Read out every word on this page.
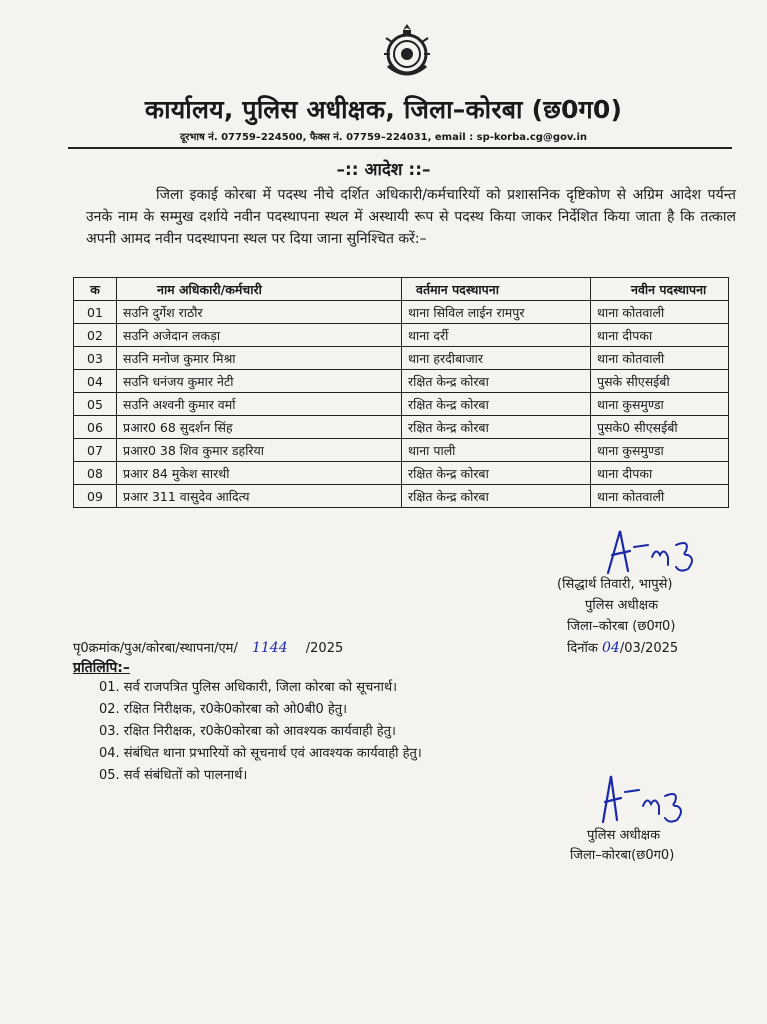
कार्यालय, पुलिस अधीक्षक, जिला–कोरबा (छ0ग0)
दूरभाष नं. 07759–224500, फैक्स नं. 07759–224031, email : sp-korba.cg@gov.in
–:: आदेश ::–
जिला इकाई कोरबा में पदस्थ नीचे दर्शित अधिकारी/कर्मचारियों को प्रशासनिक दृष्टिकोण से अग्रिम आदेश पर्यन्त उनके नाम के सम्मुख दर्शाये नवीन पदस्थापना स्थल में अस्थायी रूप से पदस्थ किया जाकर निर्देशित किया जाता है कि तत्काल अपनी आमद नवीन पदस्थापना स्थल पर दिया जाना सुनिश्चित करें:–
क	नाम अधिकारी/कर्मचारी	वर्तमान पदस्थापना	नवीन पदस्थापना
01	सउनि दुर्गेश राठौर	थाना सिविल लाईन रामपुर	थाना कोतवाली
02	सउनि अजेदान लकड़ा	थाना दर्री	थाना दीपका
03	सउनि मनोज कुमार मिश्रा	थाना हरदीबाजार	थाना कोतवाली
04	सउनि धनंजय कुमार नेटी	रक्षित केन्द्र कोरबा	पुसके सीएसईबी
05	सउनि अश्वनी कुमार वर्मा	रक्षित केन्द्र कोरबा	थाना कुसमुण्डा
06	प्रआर0 68 सुदर्शन सिंह	रक्षित केन्द्र कोरबा	पुसके0 सीएसईबी
07	प्रआर0 38 शिव कुमार डहरिया	थाना पाली	थाना कुसमुण्डा
08	प्रआर 84 मुकेश सारथी	रक्षित केन्द्र कोरबा	थाना दीपका
09	प्रआर 311 वासुदेव आदित्य	रक्षित केन्द्र कोरबा	थाना कोतवाली
(सिद्धार्थ तिवारी, भापुसे)
पुलिस अधीक्षक
जिला–कोरबा (छ0ग0)
पृ0क्रमांक/पुअ/कोरबा/स्थापना/एम/ 1144 /2025	दिनॉक 04/03/2025
प्रतिलिपि:–
01. सर्व राजपत्रित पुलिस अधिकारी, जिला कोरबा को सूचनार्थ।
02. रक्षित निरीक्षक, र0के0कोरबा को ओ0बी0 हेतु।
03. रक्षित निरीक्षक, र0के0कोरबा को आवश्यक कार्यवाही हेतु।
04. संबंधित थाना प्रभारियों को सूचनार्थ एवं आवश्यक कार्यवाही हेतु।
05. सर्व संबंधितों को पालनार्थ।
पुलिस अधीक्षक
जिला–कोरबा(छ0ग0)
